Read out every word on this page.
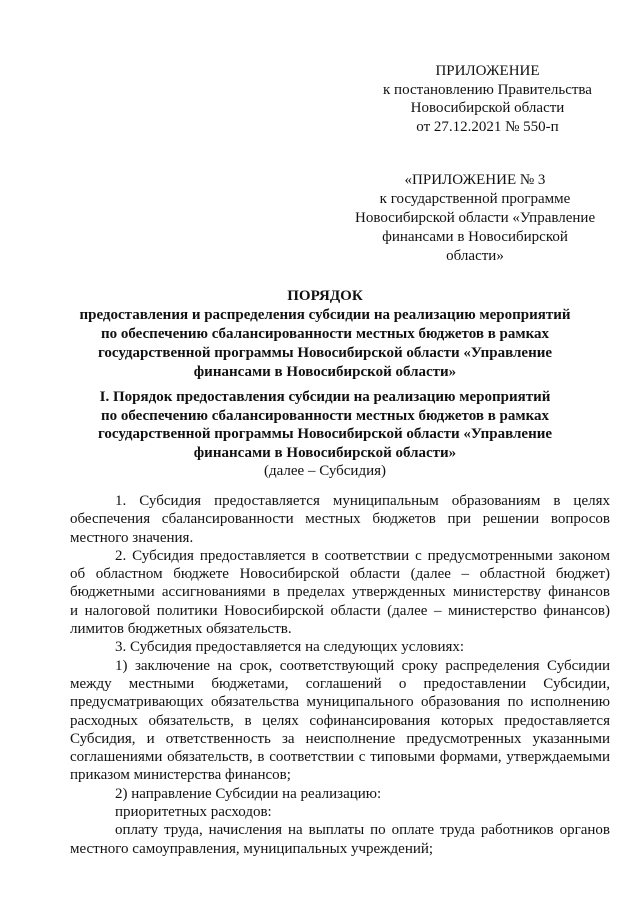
ПРИЛОЖЕНИЕ
к постановлению Правительства
Новосибирской области
от 27.12.2021 № 550-п
«ПРИЛОЖЕНИЕ № 3
к государственной программе
Новосибирской области «Управление
финансами в Новосибирской
области»
ПОРЯДОК
предоставления и распределения субсидии на реализацию мероприятий
по обеспечению сбалансированности местных бюджетов в рамках
государственной программы Новосибирской области «Управление
финансами в Новосибирской области»
I. Порядок предоставления субсидии на реализацию мероприятий
по обеспечению сбалансированности местных бюджетов в рамках
государственной программы Новосибирской области «Управление
финансами в Новосибирской области»
(далее – Субсидия)
1. Субсидия предоставляется муниципальным образованиям в целях
обеспечения сбалансированности местных бюджетов при решении вопросов
местного значения.
2. Субсидия предоставляется в соответствии с предусмотренными законом
об областном бюджете Новосибирской области (далее – областной бюджет)
бюджетными ассигнованиями в пределах утвержденных министерству финансов
и налоговой политики Новосибирской области (далее – министерство финансов)
лимитов бюджетных обязательств.
3. Субсидия предоставляется на следующих условиях:
1) заключение на срок, соответствующий сроку распределения Субсидии
между местными бюджетами, соглашений о предоставлении Субсидии,
предусматривающих обязательства муниципального образования по исполнению
расходных обязательств, в целях софинансирования которых предоставляется
Субсидия, и ответственность за неисполнение предусмотренных указанными
соглашениями обязательств, в соответствии с типовыми формами, утверждаемыми
приказом министерства финансов;
2) направление Субсидии на реализацию:
приоритетных расходов:
оплату труда, начисления на выплаты по оплате труда работников органов
местного самоуправления, муниципальных учреждений;
